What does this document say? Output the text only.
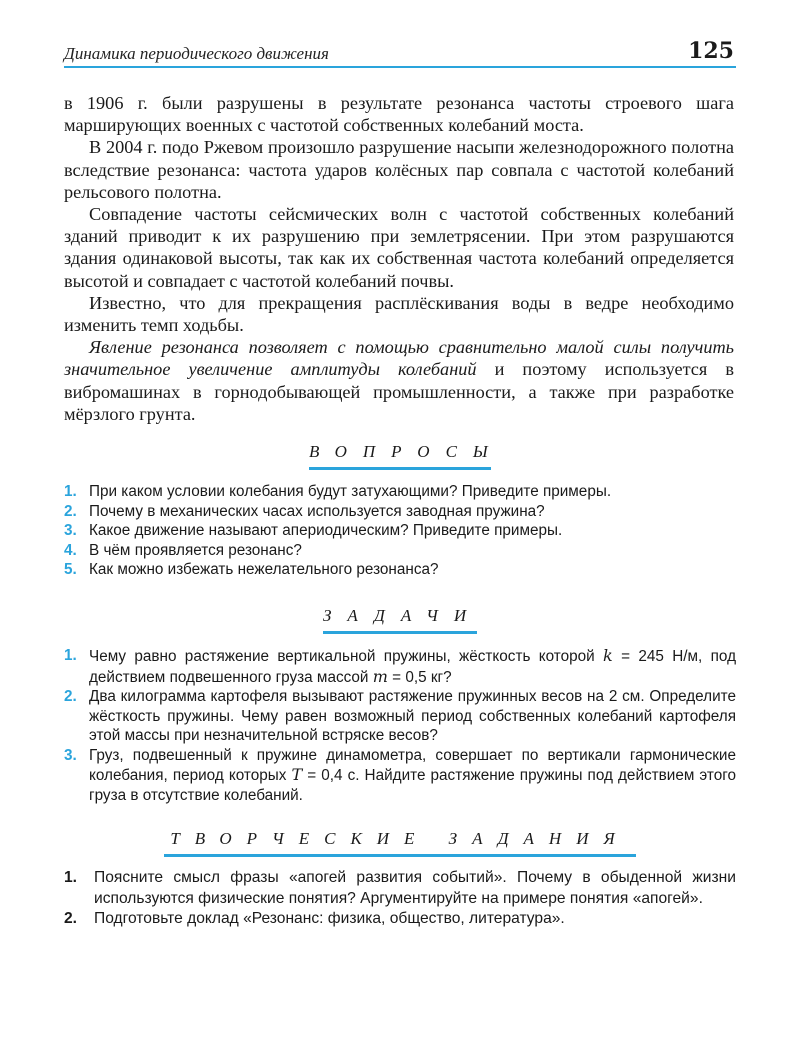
Динамика периодического движения	125

в 1906 г. были разрушены в результате резонанса частоты строевого шага марширующих военных с частотой собственных колебаний моста.

В 2004 г. подо Ржевом произошло разрушение насыпи железнодорожного полотна вследствие резонанса: частота ударов колёсных пар совпала с частотой колебаний рельсового полотна.

Совпадение частоты сейсмических волн с частотой собственных колебаний зданий приводит к их разрушению при землетрясении. При этом разрушаются здания одинаковой высоты, так как их собственная частота колебаний определяется высотой и совпадает с частотой колебаний почвы.

Известно, что для прекращения расплёскивания воды в ведре необходимо изменить темп ходьбы.

Явление резонанса позволяет с помощью сравнительно малой силы получить значительное увеличение амплитуды колебаний и поэтому используется в вибромашинах в горнодобывающей промышленности, а также при разработке мёрзлого грунта.

ВОПРОСЫ
1. При каком условии колебания будут затухающими? Приведите примеры.
2. Почему в механических часах используется заводная пружина?
3. Какое движение называют апериодическим? Приведите примеры.
4. В чём проявляется резонанс?
5. Как можно избежать нежелательного резонанса?
ЗАДАЧИ
1. Чему равно растяжение вертикальной пружины, жёсткость которой k = 245 Н/м, под действием подвешенного груза массой m = 0,5 кг?
2. Два килограмма картофеля вызывают растяжение пружинных весов на 2 см. Определите жёсткость пружины. Чему равен возможный период собственных колебаний картофеля этой массы при незначительной встряске весов?
3. Груз, подвешенный к пружине динамометра, совершает по вертикали гармонические колебания, период которых T = 0,4 с. Найдите растяжение пружины под действием этого груза в отсутствие колебаний.
ТВОРЧЕСКИЕ ЗАДАНИЯ
1. Поясните смысл фразы «апогей развития событий». Почему в обыденной жизни используются физические понятия? Аргументируйте на примере понятия «апогей».
2. Подготовьте доклад «Резонанс: физика, общество, литература».
